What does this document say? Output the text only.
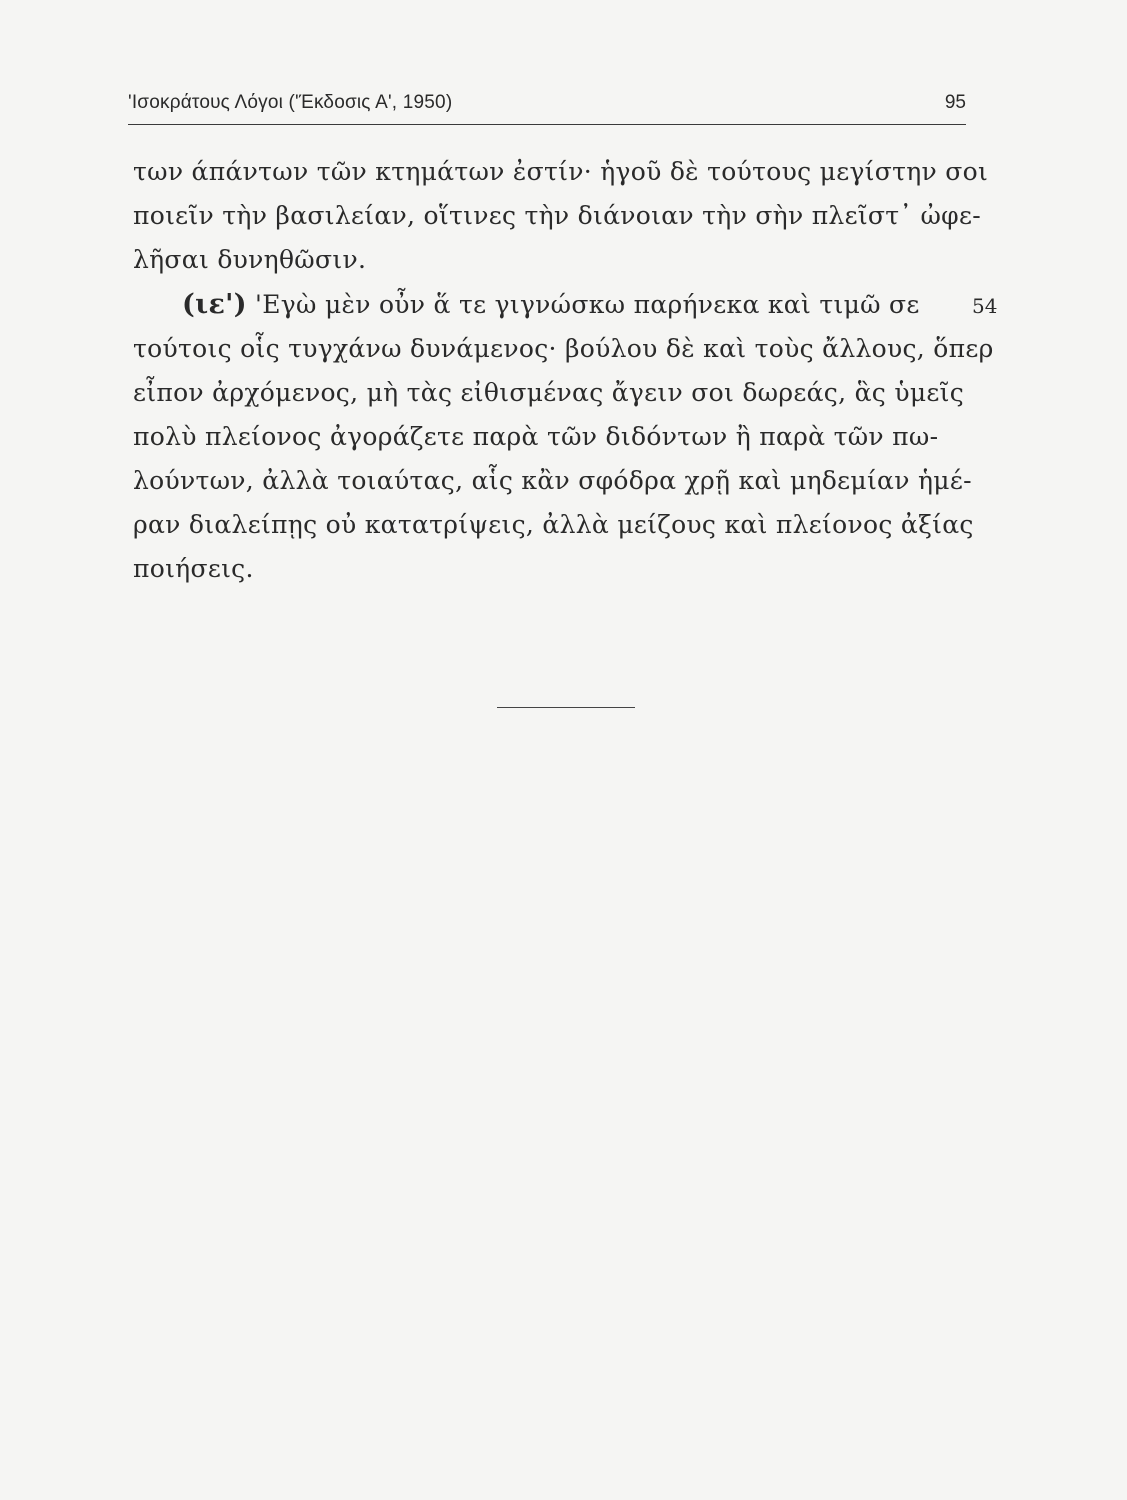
'Ισοκράτους Λόγοι ('Έκδοσις Α', 1950)	95
των άπάντων τῶν κτημάτων ἐστίν· ἡγοῦ δὲ τούτους μεγίστην σοι
ποιεῖν τὴν βασιλείαν, οἵτινες τὴν διάνοιαν τὴν σὴν πλεῖστ᾽ ὠφε-
λῆσαι δυνηθῶσιν.
(ιε') 'Εγὼ μὲν οὖν ἅ τε γιγνώσκω παρήνεκα καὶ τιμῶ σε	54
τούτοις οἷς τυγχάνω δυνάμενος· βούλου δὲ καὶ τοὺς ἄλλους, ὅπερ
εἶπον ἀρχόμενος, μὴ τὰς εἰθισμένας ἄγειν σοι δωρεάς, ἃς ὑμεῖς
πολὺ πλείονος ἀγοράζετε παρὰ τῶν διδόντων ἢ παρὰ τῶν πω-
λούντων, ἀλλὰ τοιαύτας, αἷς κἂν σφόδρα χρῇ καὶ μηδεμίαν ἡμέ-
ραν διαλείπῃς οὐ κατατρίψεις, ἀλλὰ μείζους καὶ πλείονος ἀξίας
ποιήσεις.
